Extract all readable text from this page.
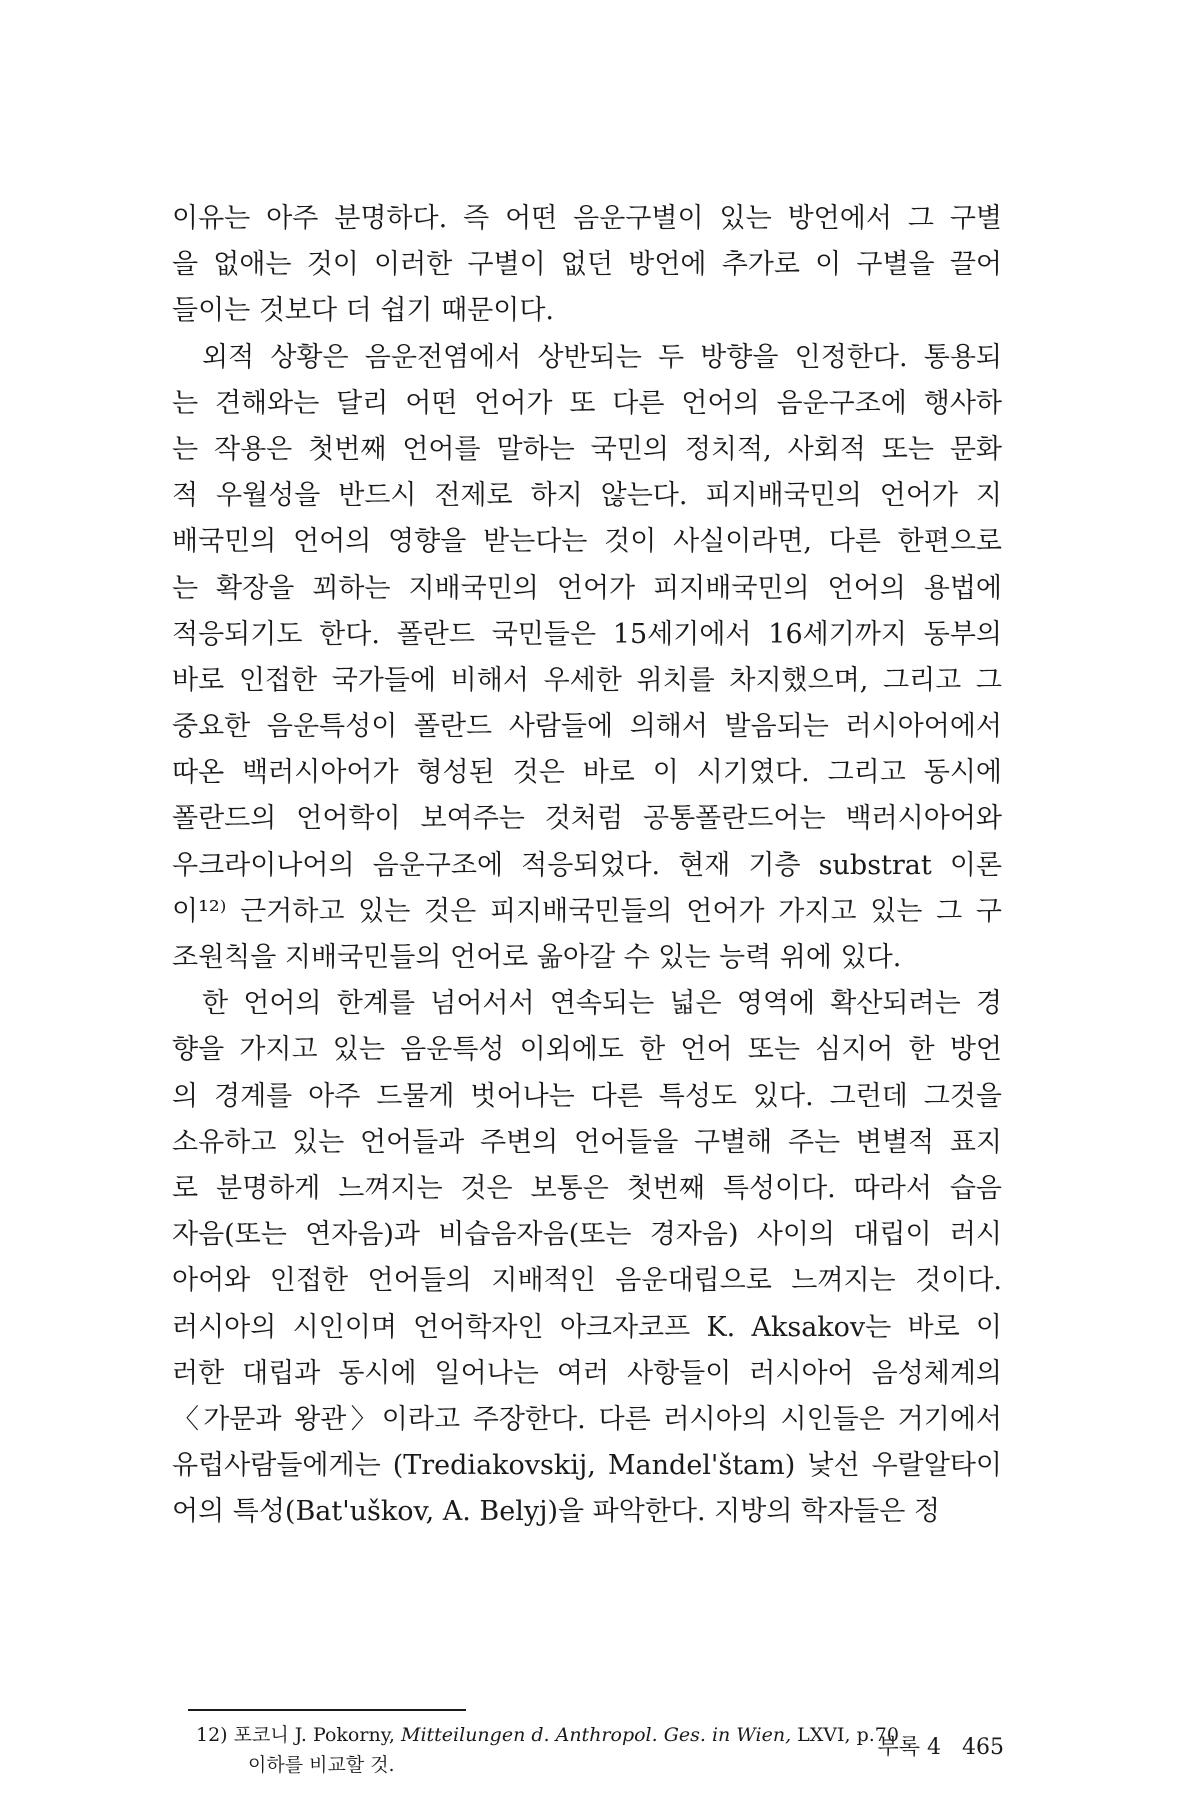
이유는 아주 분명하다. 즉 어떤 음운구별이 있는 방언에서 그 구별
을 없애는 것이 이러한 구별이 없던 방언에 추가로 이 구별을 끌어
들이는 것보다 더 쉽기 때문이다.
외적 상황은 음운전염에서 상반되는 두 방향을 인정한다. 통용되
는 견해와는 달리 어떤 언어가 또 다른 언어의 음운구조에 행사하
는 작용은 첫번째 언어를 말하는 국민의 정치적, 사회적 또는 문화
적 우월성을 반드시 전제로 하지 않는다. 피지배국민의 언어가 지
배국민의 언어의 영향을 받는다는 것이 사실이라면, 다른 한편으로
는 확장을 꾀하는 지배국민의 언어가 피지배국민의 언어의 용법에
적응되기도 한다. 폴란드 국민들은 15세기에서 16세기까지 동부의
바로 인접한 국가들에 비해서 우세한 위치를 차지했으며, 그리고 그
중요한 음운특성이 폴란드 사람들에 의해서 발음되는 러시아어에서
따온 백러시아어가 형성된 것은 바로 이 시기였다. 그리고 동시에
폴란드의 언어학이 보여주는 것처럼 공통폴란드어는 백러시아어와
우크라이나어의 음운구조에 적응되었다. 현재 기층 substrat 이론
이¹²⁾ 근거하고 있는 것은 피지배국민들의 언어가 가지고 있는 그 구
조원칙을 지배국민들의 언어로 옮아갈 수 있는 능력 위에 있다.
한 언어의 한계를 넘어서서 연속되는 넓은 영역에 확산되려는 경
향을 가지고 있는 음운특성 이외에도 한 언어 또는 심지어 한 방언
의 경계를 아주 드물게 벗어나는 다른 특성도 있다. 그런데 그것을
소유하고 있는 언어들과 주변의 언어들을 구별해 주는 변별적 표지
로 분명하게 느껴지는 것은 보통은 첫번째 특성이다. 따라서 습음
자음(또는 연자음)과 비습음자음(또는 경자음) 사이의 대립이 러시
아어와 인접한 언어들의 지배적인 음운대립으로 느껴지는 것이다.
러시아의 시인이며 언어학자인 아크자코프 K. Aksakov는 바로 이
러한 대립과 동시에 일어나는 여러 사항들이 러시아어 음성체계의
〈가문과 왕관〉이라고 주장한다. 다른 러시아의 시인들은 거기에서
유럽사람들에게는 (Trediakovskij, Mandel'štam) 낯선 우랄알타이
어의 특성(Bat'uškov, A. Belyj)을 파악한다. 지방의 학자들은 정
12) 포코니 J. Pokorny, Mitteilungen d. Anthropol. Ges. in Wien, LXVI, p.70
이하를 비교할 것.
부록 4 465
